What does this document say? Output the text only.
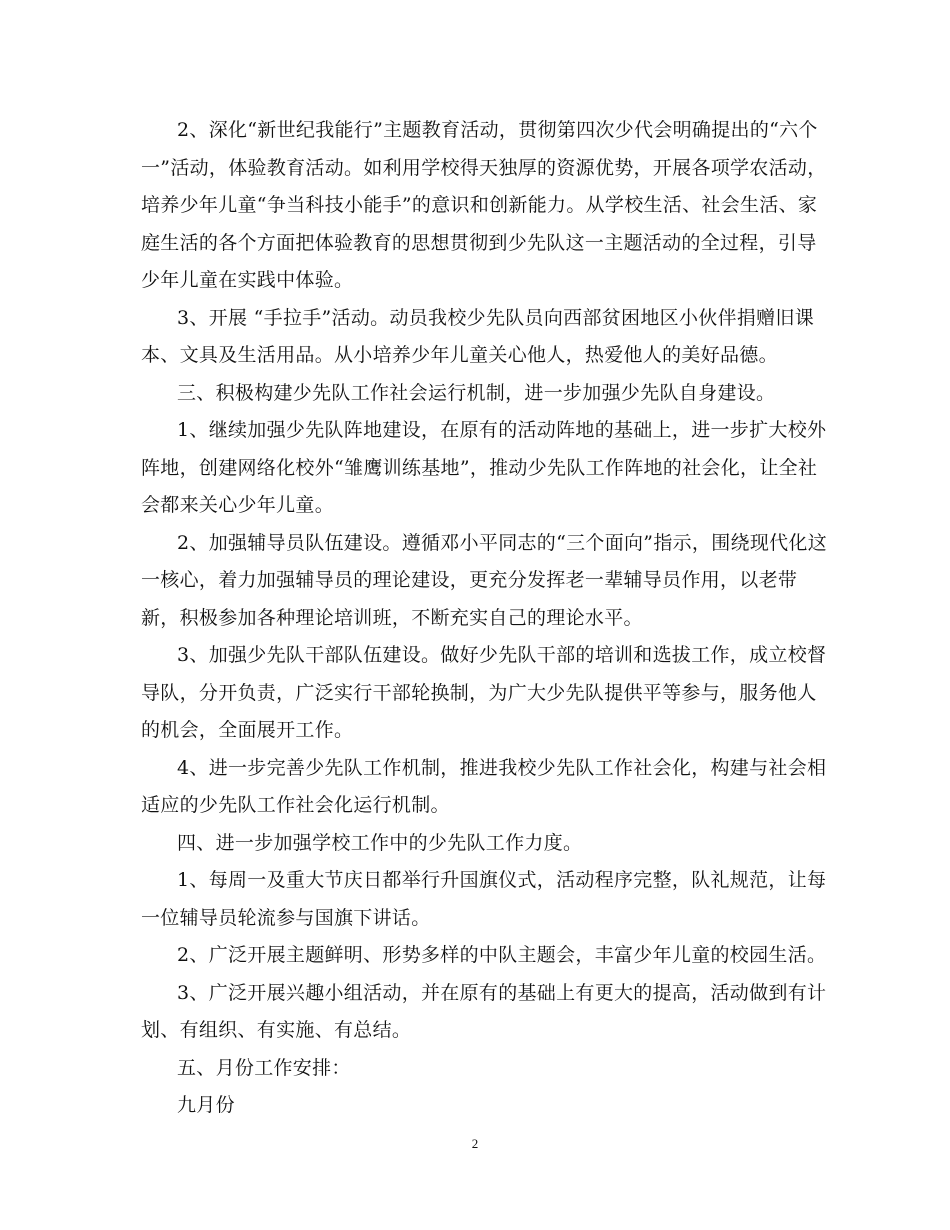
2、深化“新世纪我能行”主题教育活动，贯彻第四次少代会明确提出的“六个
一”活动，体验教育活动。如利用学校得天独厚的资源优势，开展各项学农活动，
培养少年儿童“争当科技小能手”的意识和创新能力。从学校生活、社会生活、家
庭生活的各个方面把体验教育的思想贯彻到少先队这一主题活动的全过程，引导
少年儿童在实践中体验。
3、开展 “手拉手”活动。动员我校少先队员向西部贫困地区小伙伴捐赠旧课
本、文具及生活用品。从小培养少年儿童关心他人，热爱他人的美好品德。
三、积极构建少先队工作社会运行机制，进一步加强少先队自身建设。
1、继续加强少先队阵地建设，在原有的活动阵地的基础上，进一步扩大校外
阵地，创建网络化校外“雏鹰训练基地”，推动少先队工作阵地的社会化，让全社
会都来关心少年儿童。
2、加强辅导员队伍建设。遵循邓小平同志的“三个面向”指示，围绕现代化这
一核心，着力加强辅导员的理论建设，更充分发挥老一辈辅导员作用，以老带
新，积极参加各种理论培训班，不断充实自己的理论水平。
3、加强少先队干部队伍建设。做好少先队干部的培训和选拔工作，成立校督
导队，分开负责，广泛实行干部轮换制，为广大少先队提供平等参与，服务他人
的机会，全面展开工作。
4、进一步完善少先队工作机制，推进我校少先队工作社会化，构建与社会相
适应的少先队工作社会化运行机制。
四、进一步加强学校工作中的少先队工作力度。
1、每周一及重大节庆日都举行升国旗仪式，活动程序完整，队礼规范，让每
一位辅导员轮流参与国旗下讲话。
2、广泛开展主题鲜明、形势多样的中队主题会，丰富少年儿童的校园生活。
3、广泛开展兴趣小组活动，并在原有的基础上有更大的提高，活动做到有计
划、有组织、有实施、有总结。
五、月份工作安排：
九月份
2
